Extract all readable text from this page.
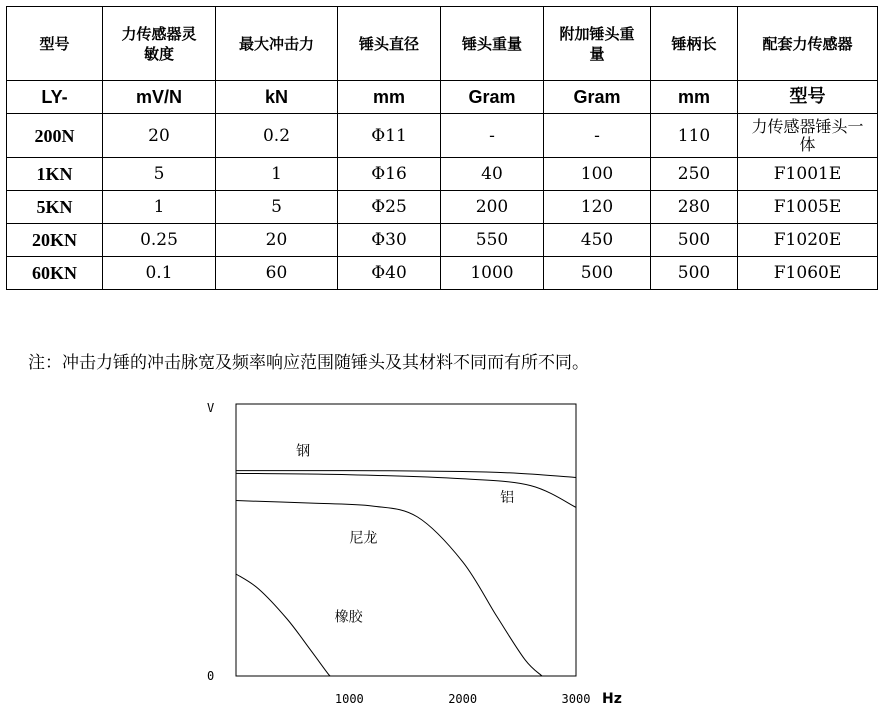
型号	力传感器灵敏度	最大冲击力	锤头直径	锤头重量	附加锤头重量	锤柄长	配套力传感器
LY-	mV/N	kN	mm	Gram	Gram	mm	型号
200N	20	0.2	Φ11	-	-	110	力传感器锤头一体
1KN	5	1	Φ16	40	100	250	F1001E
5KN	1	5	Φ25	200	120	280	F1005E
20KN	0.25	20	Φ30	550	450	500	F1020E
60KN	0.1	60	Φ40	1000	500	500	F1060E
注：冲击力锤的冲击脉宽及频率响应范围随锤头及其材料不同而有所不同。
V
0
1000	2000	3000 Hz
钢
铝
尼龙
橡胶
